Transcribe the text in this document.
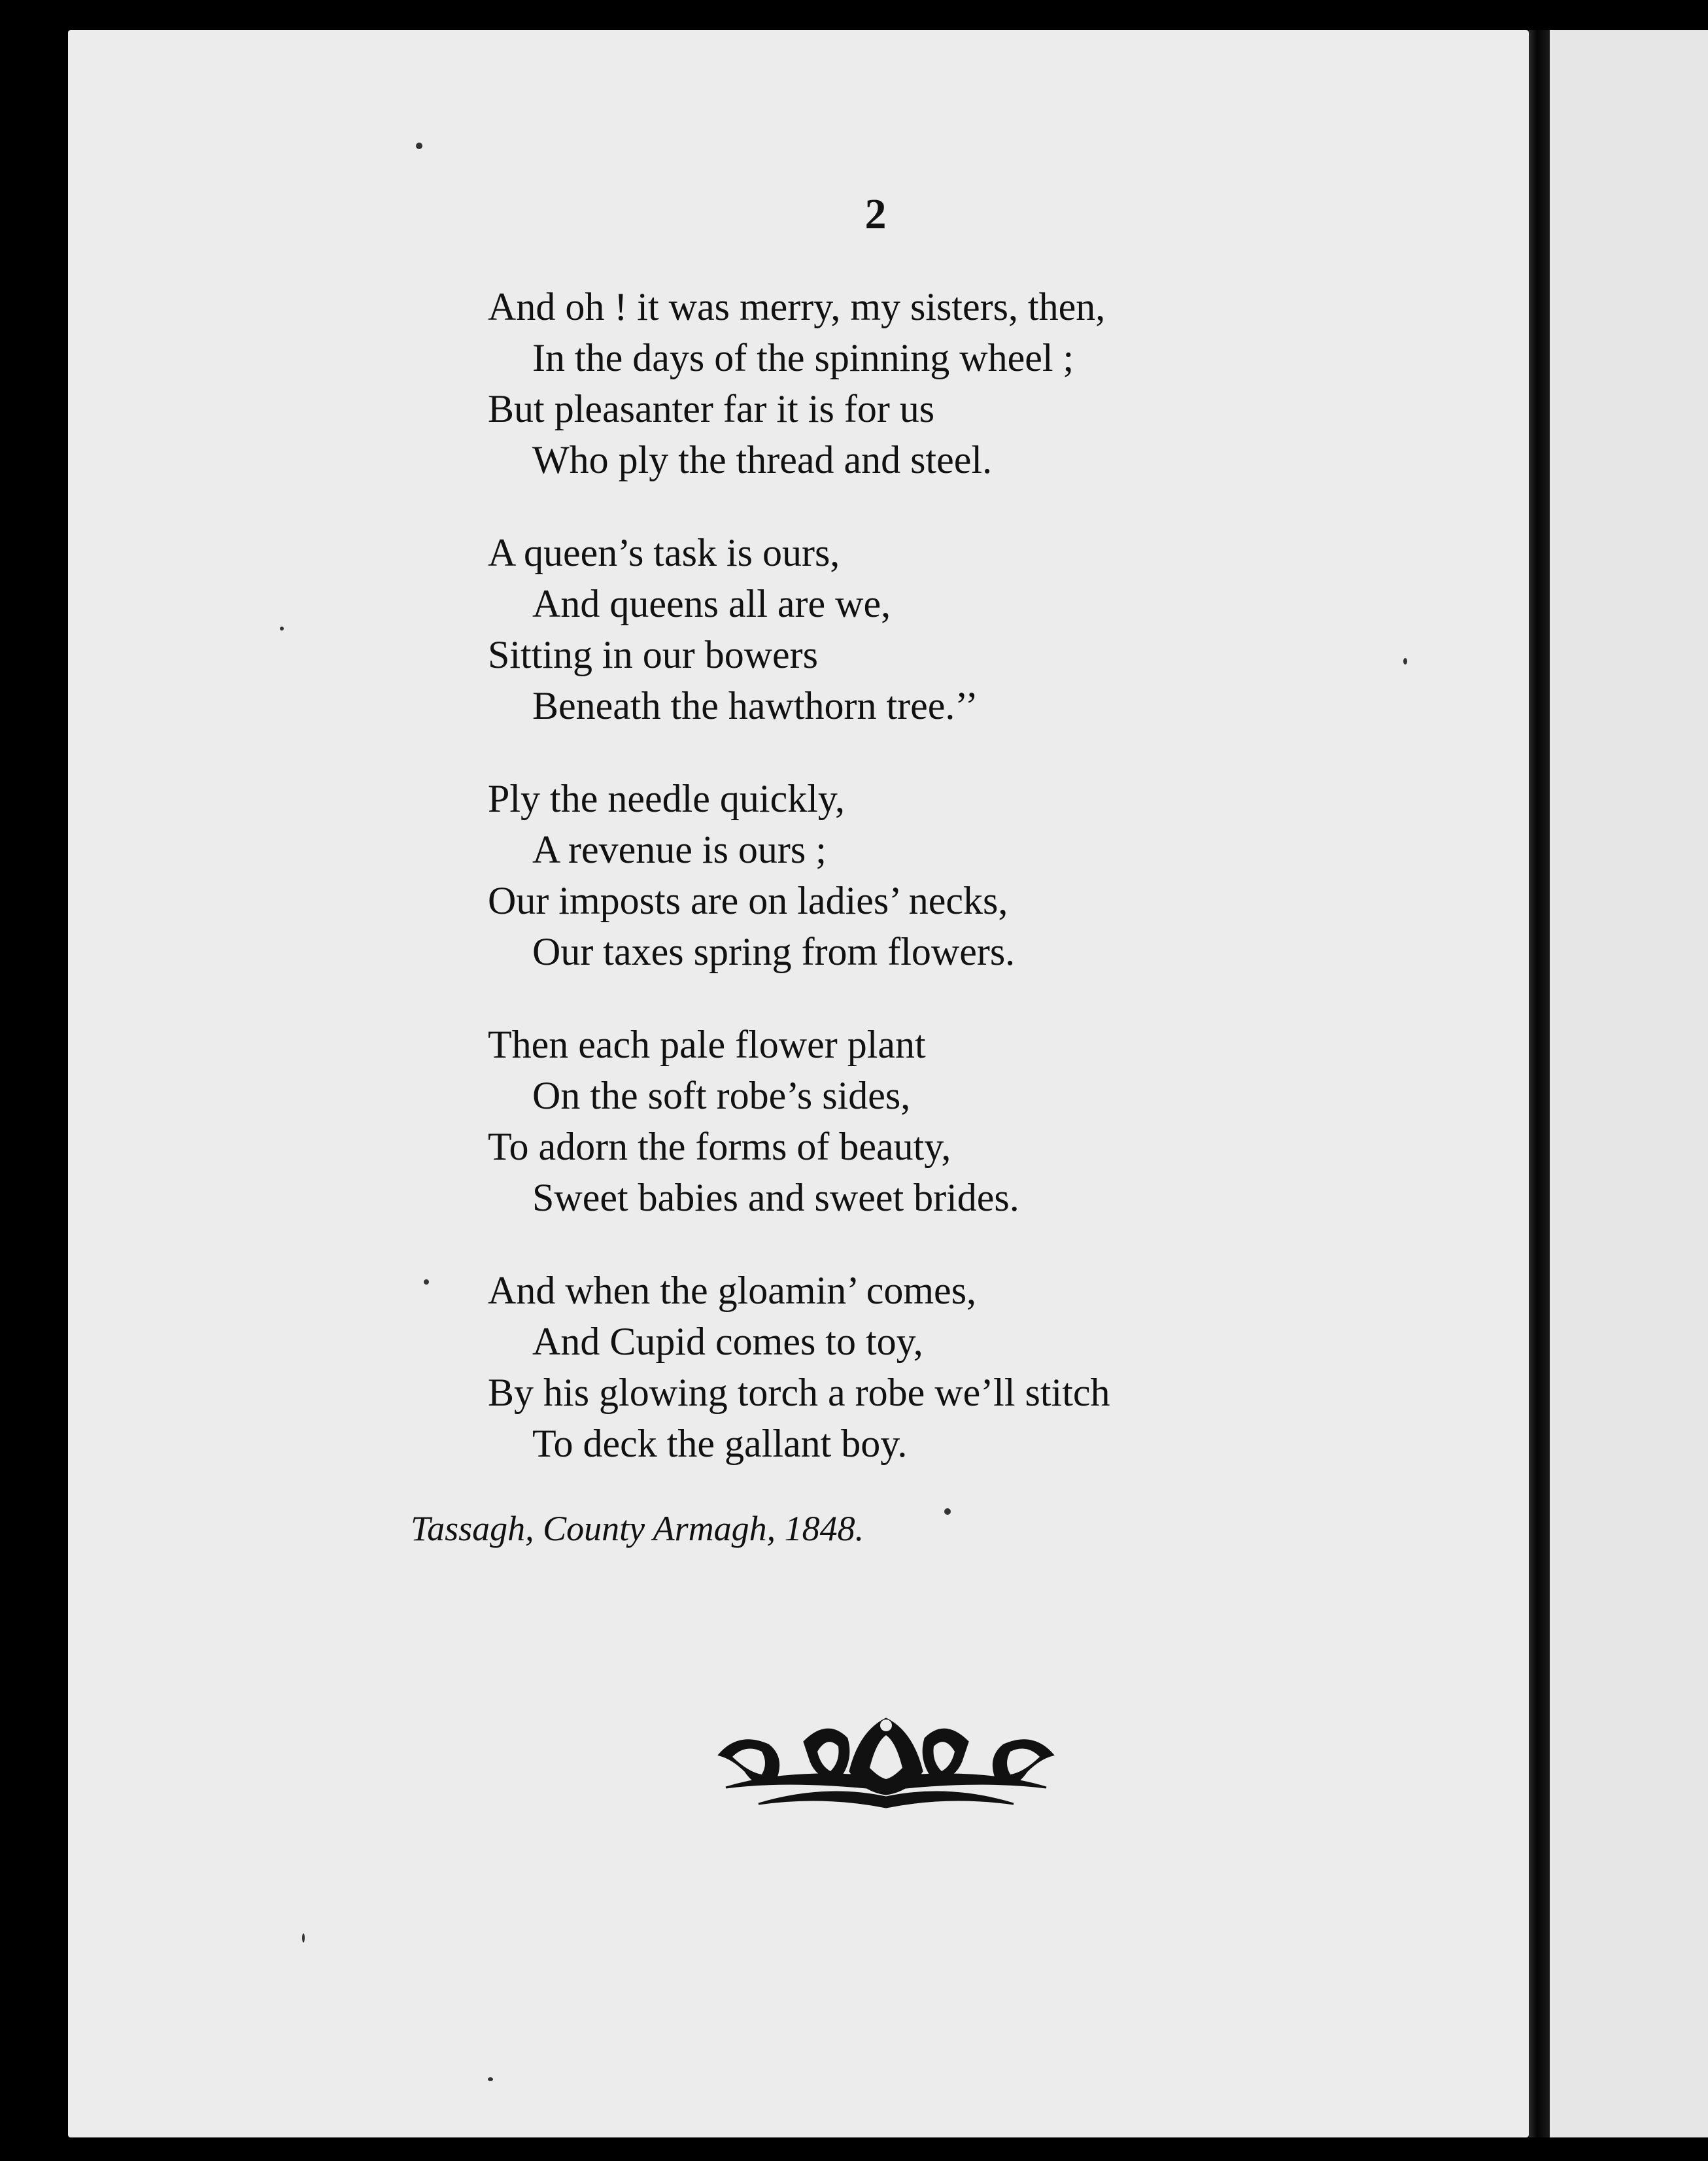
2
And oh ! it was merry, my sisters, then,
In the days of the spinning wheel ;
But pleasanter far it is for us
Who ply the thread and steel.
A queen’s task is ours,
And queens all are we,
Sitting in our bowers
Beneath the hawthorn tree.’’
Ply the needle quickly,
A revenue is ours ;
Our imposts are on ladies’ necks,
Our taxes spring from flowers.
Then each pale flower plant
On the soft robe’s sides,
To adorn the forms of beauty,
Sweet babies and sweet brides.
And when the gloamin’ comes,
And Cupid comes to toy,
By his glowing torch a robe we’ll stitch
To deck the gallant boy.
Tassagh, County Armagh, 1848.
